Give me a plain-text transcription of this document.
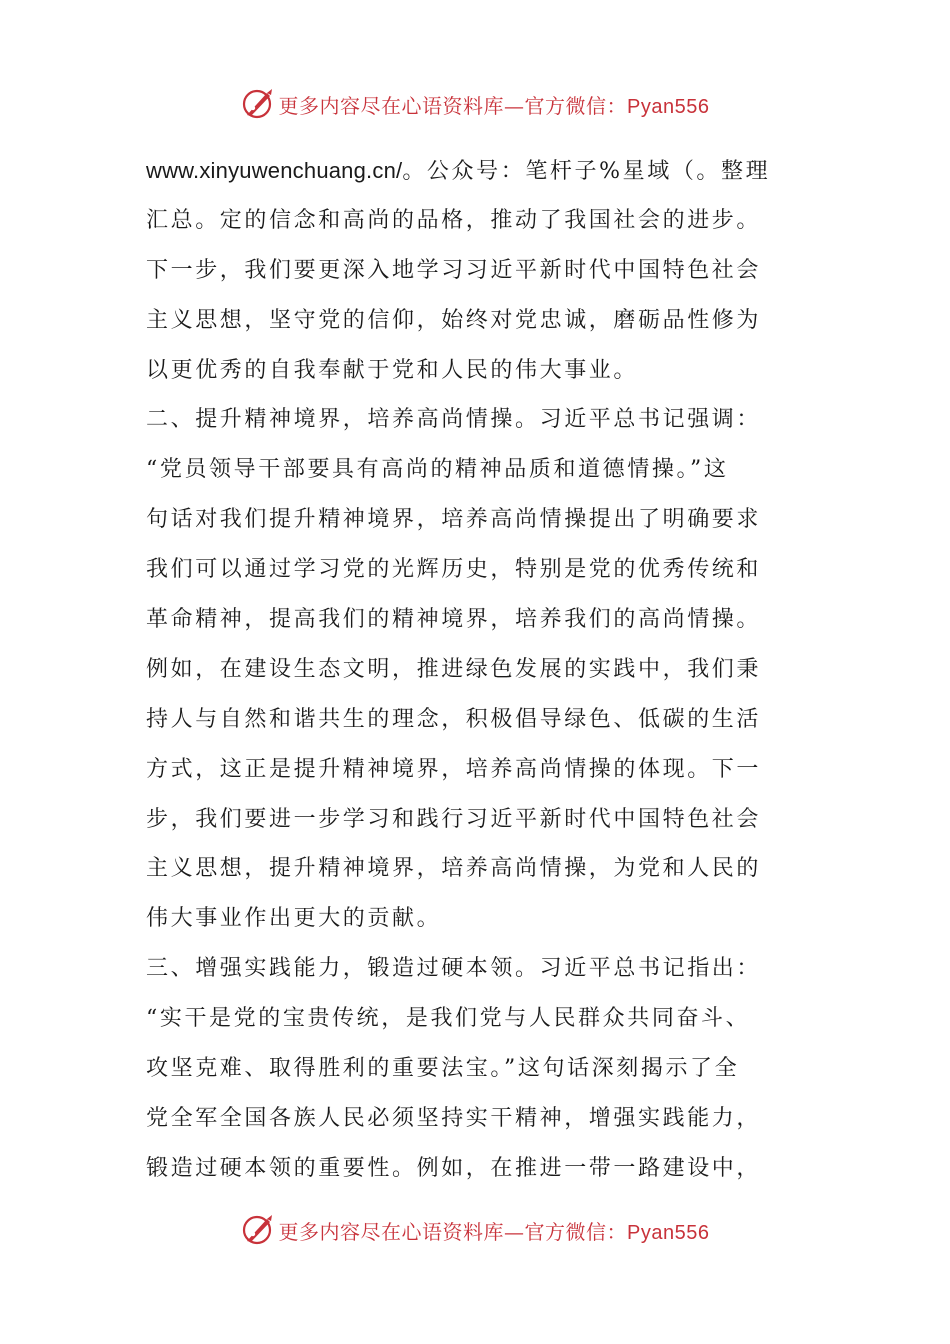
更多内容尽在心语资料库—官方微信：Pyan556
www.xinyuwenchuang.cn/。公众号：笔杆子%星域（。整理
汇总。定的信念和高尚的品格，推动了我国社会的进步。
下一步，我们要更深入地学习习近平新时代中国特色社会
主义思想，坚守党的信仰，始终对党忠诚，磨砺品性修为
以更优秀的自我奉献于党和人民的伟大事业。
二、提升精神境界，培养高尚情操。习近平总书记强调：
“党员领导干部要具有高尚的精神品质和道德情操。”这
句话对我们提升精神境界，培养高尚情操提出了明确要求
我们可以通过学习党的光辉历史，特别是党的优秀传统和
革命精神，提高我们的精神境界，培养我们的高尚情操。
例如，在建设生态文明，推进绿色发展的实践中，我们秉
持人与自然和谐共生的理念，积极倡导绿色、低碳的生活
方式，这正是提升精神境界，培养高尚情操的体现。下一
步，我们要进一步学习和践行习近平新时代中国特色社会
主义思想，提升精神境界，培养高尚情操，为党和人民的
伟大事业作出更大的贡献。
三、增强实践能力，锻造过硬本领。习近平总书记指出：
“实干是党的宝贵传统，是我们党与人民群众共同奋斗、
攻坚克难、取得胜利的重要法宝。”这句话深刻揭示了全
党全军全国各族人民必须坚持实干精神，增强实践能力，
锻造过硬本领的重要性。例如，在推进一带一路建设中，
更多内容尽在心语资料库—官方微信：Pyan556
